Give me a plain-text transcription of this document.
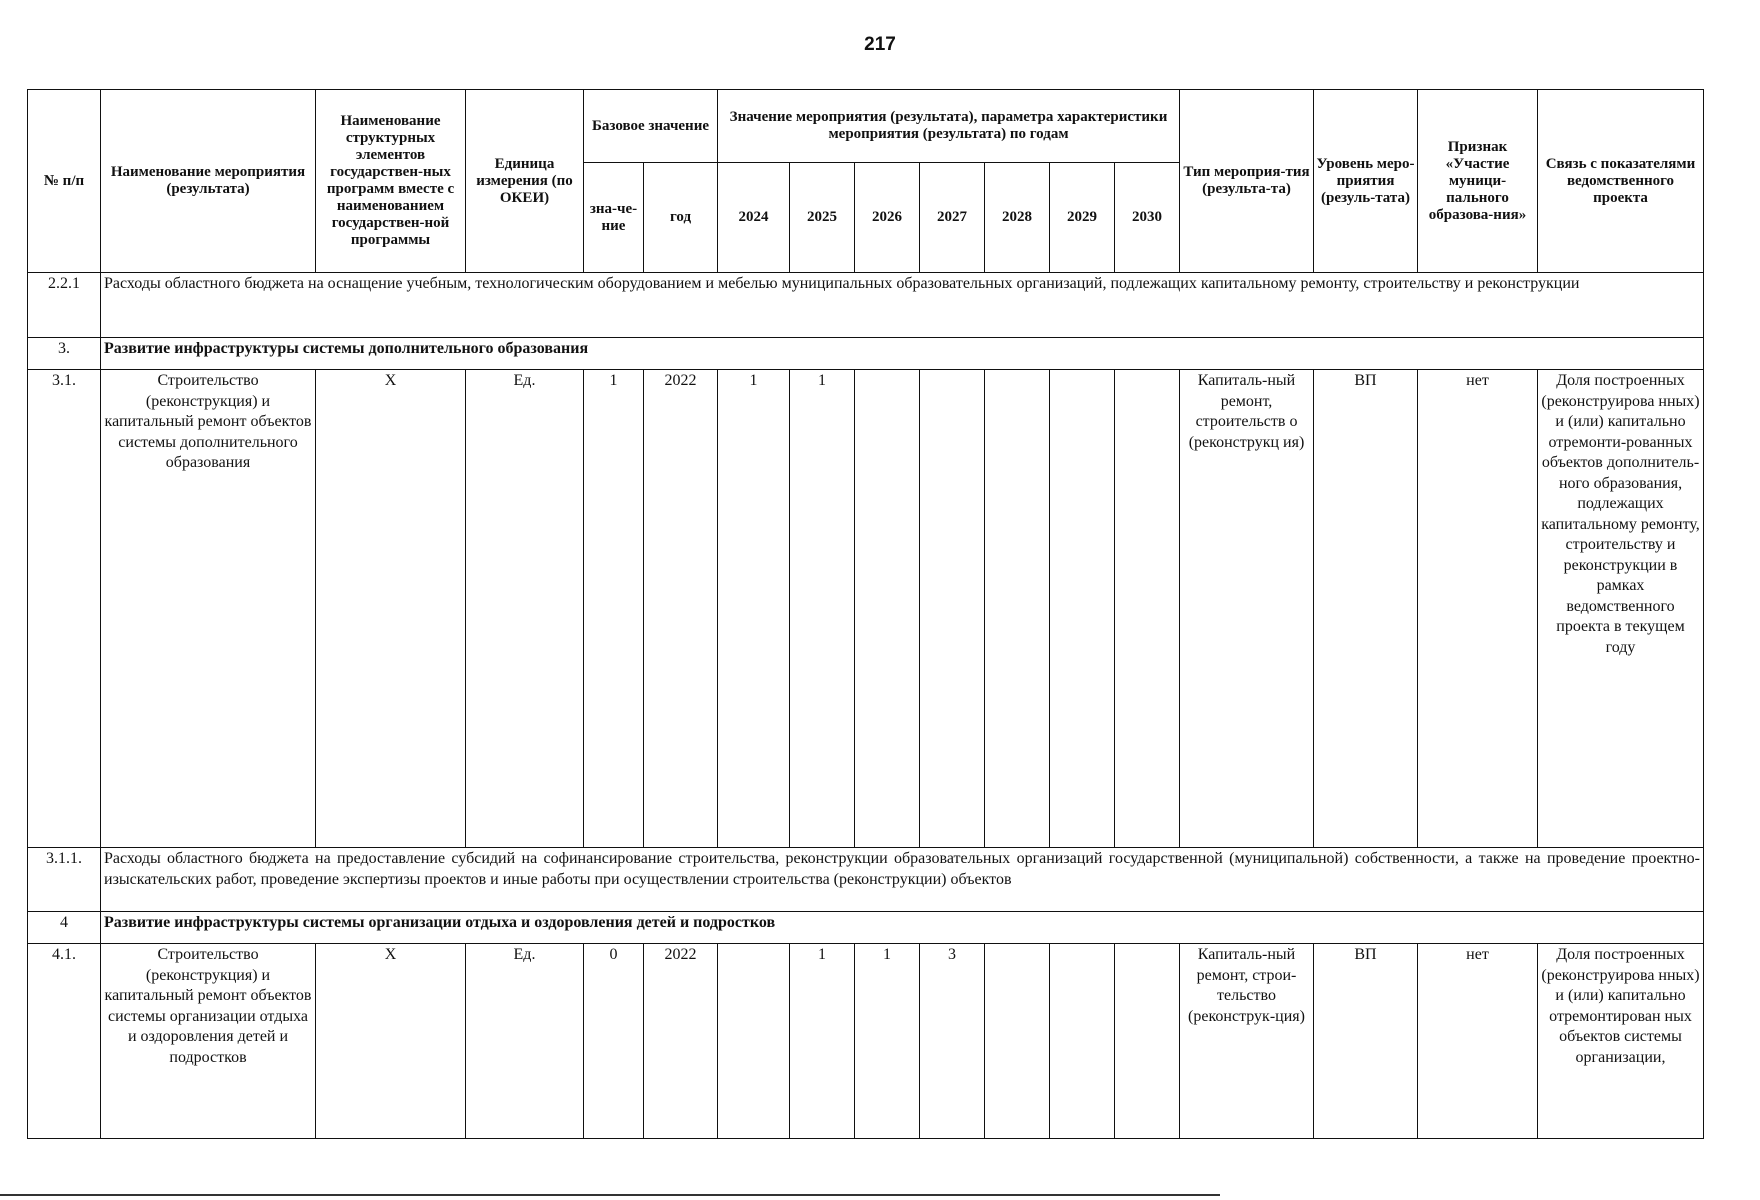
217
№ п/п	Наименование мероприятия (результата)	Наименование структурных элементов государствен-ных программ вместе с наименованием государствен-ной программы	Единица измерения (по ОКЕИ)	Базовое значение		Значение мероприятия (результата), параметра характеристики мероприятия (результата) по годам							Тип мероприя-тия (результа-та)	Уровень меро-приятия (резуль-тата)	Признак «Участие муници-пального образова-ния»	Связь с показателями ведомственного проекта
				зна-че-ние	год	2024	2025	2026	2027	2028	2029	2030				
2.2.1	Расходы областного бюджета на оснащение учебным, технологическим оборудованием и мебелью муниципальных образовательных организаций, подлежащих капитальному ремонту, строительству и реконструкции															
3.	Развитие инфраструктуры системы дополнительного образования															
3.1.	Строительство (реконструкция) и капитальный ремонт объектов системы дополнительного образования	Х	Ед.	1	2022	1	1						Капиталь-ный ремонт, строительств о (реконструкц ия)	ВП	нет	Доля построенных (реконструирова нных) и (или) капитально отремонти-рованных объектов дополнитель-ного образования, подлежащих капитальному ремонту, строительству и реконструкции в рамках ведомственного проекта в текущем году
3.1.1.	Расходы областного бюджета на предоставление субсидий на софинансирование строительства, реконструкции образовательных организаций государственной (муниципальной) собственности, а также на проведение проектно-изыскательских работ, проведение экспертизы проектов и иные работы при осуществлении строительства (реконструкции) объектов															
4	Развитие инфраструктуры системы организации отдыха и оздоровления детей и подростков															
4.1.	Строительство (реконструкция) и капитальный ремонт объектов системы организации отдыха и оздоровления детей и подростков	Х	Ед.	0	2022		1	1	3				Капиталь-ный ремонт, строи-тельство (реконструк-ция)	ВП	нет	Доля построенных (реконструирова нных) и (или) капитально отремонтирован ных объектов системы организации,
